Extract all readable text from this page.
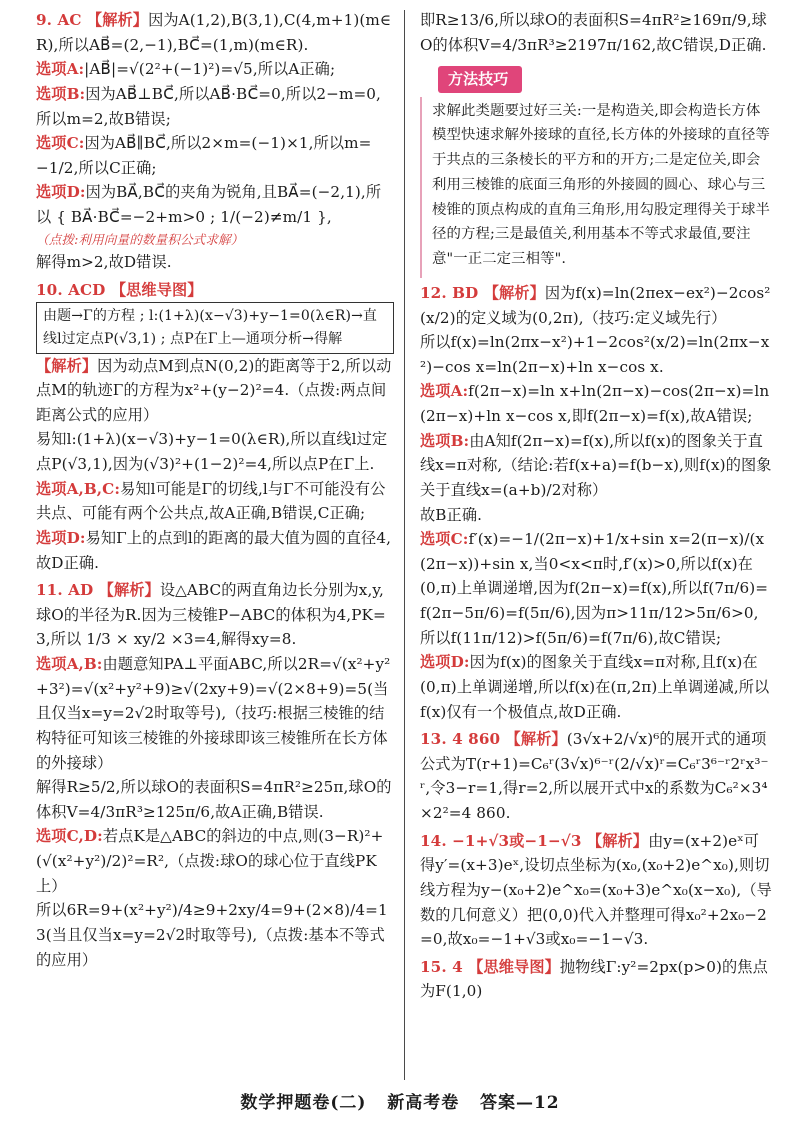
9. AC 【解析】因为A(1,2),B(3,1),C(4,m+1)(m∈R),所以AB⃗=(2,−1),BC⃗=(1,m)(m∈R).

选项A:|AB⃗|=√(2²+(−1)²)=√5,所以A正确;

选项B:因为AB⃗⊥BC⃗,所以AB⃗·BC⃗=0,所以2−m=0,所以m=2,故B错误;

选项C:因为AB⃗∥BC⃗,所以2×m=(−1)×1,所以m=−1/2,所以C正确;

选项D:因为BA⃗,BC⃗的夹角为锐角,且BA⃗=(−2,1),所以 { BA⃗·BC⃗=−2+m>0 ; 1/(−2)≠m/1 },

（点拨:利用向量的数量积公式求解）

解得m>2,故D错误.

10. ACD 【思维导图】

由题→Γ的方程 ; l:(1+λ)(x−√3)+y−1=0(λ∈R)→直线l过定点P(√3,1) ; 点P在Γ上—通项分析→得解

【解析】因为动点M到点N(0,2)的距离等于2,所以动点M的轨迹Γ的方程为x²+(y−2)²=4.（点拨:两点间距离公式的应用）

易知l:(1+λ)(x−√3)+y−1=0(λ∈R),所以直线l过定点P(√3,1),因为(√3)²+(1−2)²=4,所以点P在Γ上.

选项A,B,C:易知l可能是Γ的切线,l与Γ不可能没有公共点、可能有两个公共点,故A正确,B错误,C正确;

选项D:易知Γ上的点到l的距离的最大值为圆的直径4,故D正确.

11. AD 【解析】设△ABC的两直角边长分别为x,y,球O的半径为R.因为三棱锥P−ABC的体积为4,PK=3,所以 1/3 × xy/2 ×3=4,解得xy=8.

选项A,B:由题意知PA⊥平面ABC,所以2R=√(x²+y²+3²)=√(x²+y²+9)≥√(2xy+9)=√(2×8+9)=5(当且仅当x=y=2√2时取等号),（技巧:根据三棱锥的结构特征可知该三棱锥的外接球即该三棱锥所在长方体的外接球）

解得R≥5/2,所以球O的表面积S=4πR²≥25π,球O的体积V=4/3πR³≥125π/6,故A正确,B错误.

选项C,D:若点K是△ABC的斜边的中点,则(3−R)²+(√(x²+y²)/2)²=R²,（点拨:球O的球心位于直线PK上）

所以6R=9+(x²+y²)/4≥9+2xy/4=9+(2×8)/4=13(当且仅当x=y=2√2时取等号),（点拨:基本不等式的应用）

即R≥13/6,所以球O的表面积S=4πR²≥169π/9,球O的体积V=4/3πR³≥2197π/162,故C错误,D正确.

方法技巧

求解此类题要过好三关:一是构造关,即会构造长方体模型快速求解外接球的直径,长方体的外接球的直径等于共点的三条棱长的平方和的开方;二是定位关,即会利用三棱锥的底面三角形的外接圆的圆心、球心与三棱锥的顶点构成的直角三角形,用勾股定理得关于球半径的方程;三是最值关,利用基本不等式求最值,要注意"一正二定三相等".

12. BD 【解析】因为f(x)=ln(2πex−ex²)−2cos²(x/2)的定义域为(0,2π),（技巧:定义域先行）

所以f(x)=ln(2πx−x²)+1−2cos²(x/2)=ln(2πx−x²)−cos x=ln(2π−x)+ln x−cos x.

选项A:f(2π−x)=ln x+ln(2π−x)−cos(2π−x)=ln(2π−x)+ln x−cos x,即f(2π−x)=f(x),故A错误;

选项B:由A知f(2π−x)=f(x),所以f(x)的图象关于直线x=π对称,（结论:若f(x+a)=f(b−x),则f(x)的图象关于直线x=(a+b)/2对称）

故B正确.

选项C:f′(x)=−1/(2π−x)+1/x+sin x=2(π−x)/(x(2π−x))+sin x,当0<x<π时,f′(x)>0,所以f(x)在(0,π)上单调递增,因为f(2π−x)=f(x),所以f(7π/6)=f(2π−5π/6)=f(5π/6),因为π>11π/12>5π/6>0,所以f(11π/12)>f(5π/6)=f(7π/6),故C错误;

选项D:因为f(x)的图象关于直线x=π对称,且f(x)在(0,π)上单调递增,所以f(x)在(π,2π)上单调递减,所以f(x)仅有一个极值点,故D正确.

13. 4 860 【解析】(3√x+2/√x)⁶的展开式的通项公式为T(r+1)=C₆ʳ(3√x)⁶⁻ʳ(2/√x)ʳ=C₆ʳ3⁶⁻ʳ2ʳx³⁻ʳ,令3−r=1,得r=2,所以展开式中x的系数为C₆²×3⁴×2²=4 860.

14. −1+√3或−1−√3 【解析】由y=(x+2)eˣ可得y′=(x+3)eˣ,设切点坐标为(x₀,(x₀+2)e^x₀),则切线方程为y−(x₀+2)e^x₀=(x₀+3)e^x₀(x−x₀),（导数的几何意义）把(0,0)代入并整理可得x₀²+2x₀−2=0,故x₀=−1+√3或x₀=−1−√3.

15. 4 【思维导图】抛物线Γ:y²=2px(p>0)的焦点为F(1,0)

数学押题卷(二) 新高考卷 答案—12
